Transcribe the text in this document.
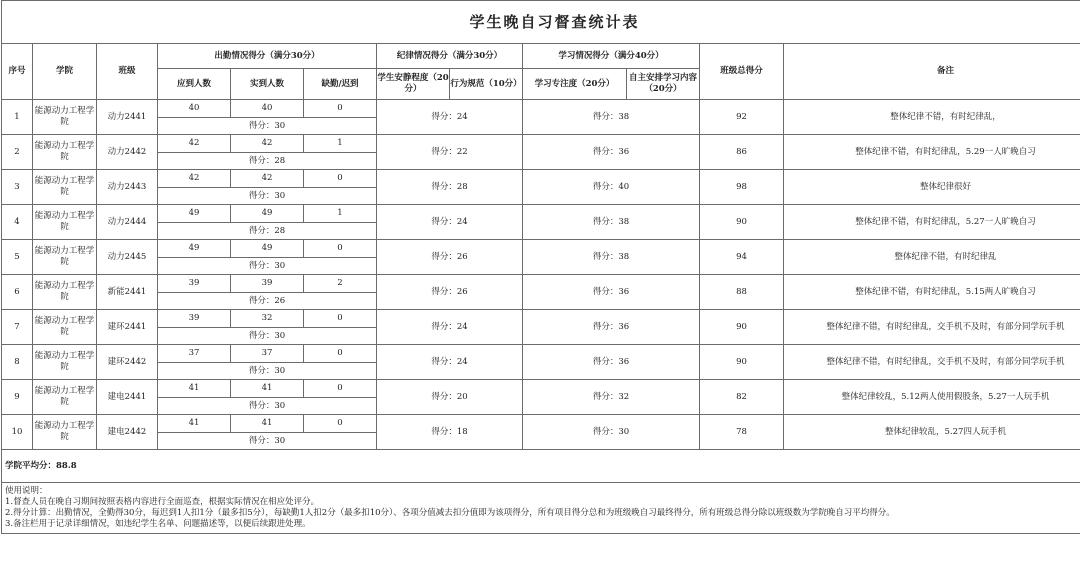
学生晚自习督查统计表											
序号	学院	班级	出勤情况得分（满分30分）			纪律情况得分（满分30分）		学习情况得分（满分40分）		班级总得分	备注
			应到人数	实到人数	缺勤/迟到	学生安静程度（20分）	行为规范（10分）	学习专注度（20分）	自主安排学习内容（20分）		
1	能源动力工程学院	动力2441	40	40	0	得分：24		得分：38		92	整体纪律不错，有时纪律乱，
			得分：30								
2	能源动力工程学院	动力2442	42	42	1	得分：22		得分：36		86	整体纪律不错，有时纪律乱，5.29一人旷晚自习
			得分：28								
3	能源动力工程学院	动力2443	42	42	0	得分：28		得分：40		98	整体纪律很好
			得分：30								
4	能源动力工程学院	动力2444	49	49	1	得分：24		得分：38		90	整体纪律不错，有时纪律乱，5.27一人旷晚自习
			得分：28								
5	能源动力工程学院	动力2445	49	49	0	得分：26		得分：38		94	整体纪律不错，有时纪律乱
			得分：30								
6	能源动力工程学院	新能2441	39	39	2	得分：26		得分：36		88	整体纪律不错，有时纪律乱，5.15两人旷晚自习
			得分：26								
7	能源动力工程学院	建环2441	39	32	0	得分：24		得分：36		90	整体纪律不错，有时纪律乱，交手机不及时，有部分同学玩手机
			得分：30								
8	能源动力工程学院	建环2442	37	37	0	得分：24		得分：36		90	整体纪律不错，有时纪律乱，交手机不及时，有部分同学玩手机
			得分：30								
9	能源动力工程学院	建电2441	41	41	0	得分：20		得分：32		82	整体纪律较乱，5.12两人使用假股条，5.27一人玩手机
			得分：30								
10	能源动力工程学院	建电2442	41	41	0	得分：18		得分：30		78	整体纪律较乱，5.27四人玩手机
			得分：30								
学院平均分：88.8											

使用说明：
1.督查人员在晚自习期间按照表格内容进行全面巡查，根据实际情况在相应处评分。
2.得分计算：出勤情况，全勤得30分，每迟到1人扣1分（最多扣5分），每缺勤1人扣2分（最多扣10分）、各项分值减去扣分值即为该项得分，所有项目得分总和为班级晚自习最终得分，所有班级总得分除以班级数为学院晚自习平均得分。
3.备注栏用于记录详细情况，如违纪学生名单、问题描述等，以便后续跟进处理。											
